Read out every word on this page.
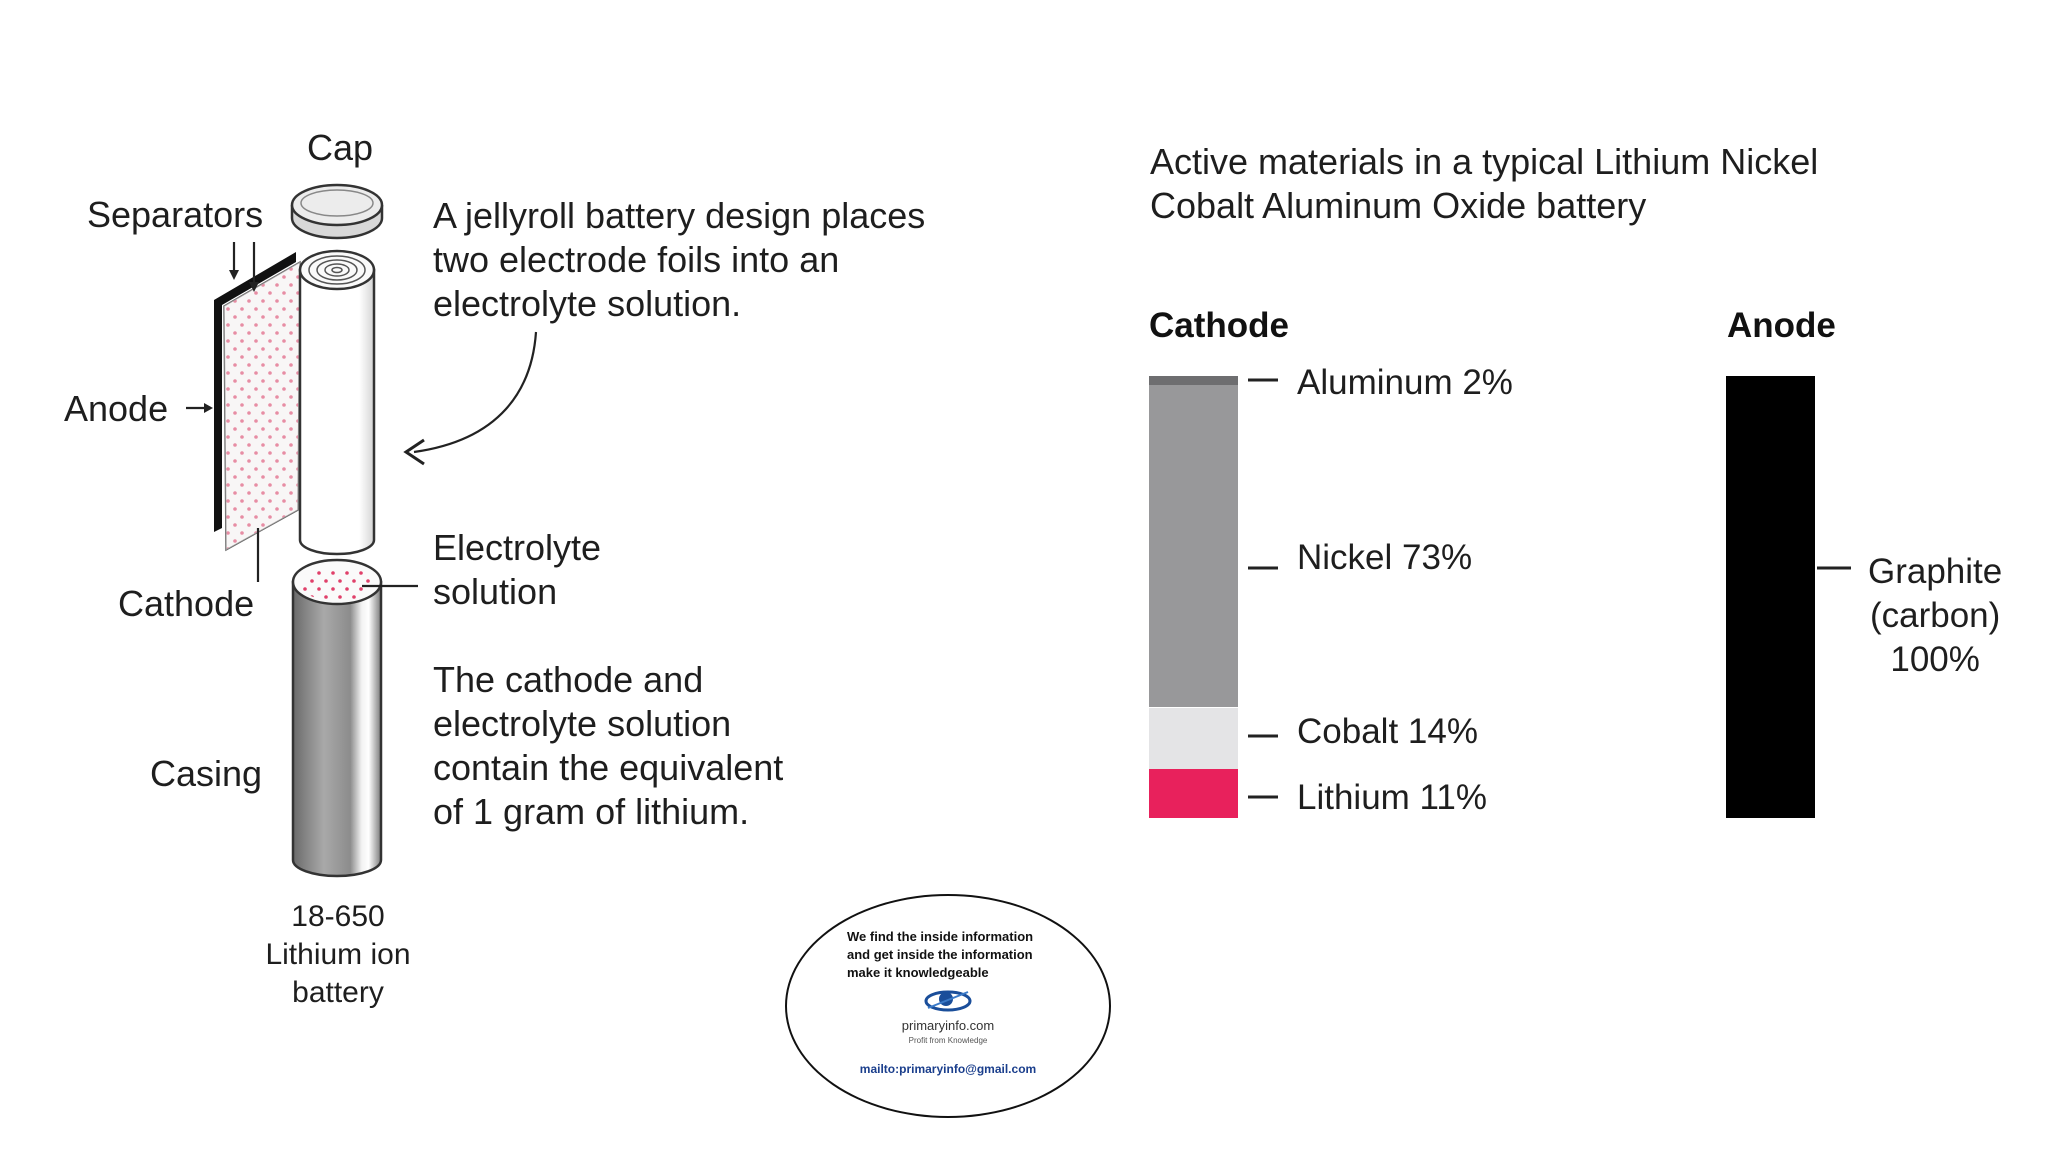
Cap
Separators
Anode
Cathode
Electrolyte
solution
Casing
A jellyroll battery design places
two electrode foils into an
electrolyte solution.
The cathode and
electrolyte solution
contain the equivalent
of 1 gram of lithium.
18-650
Lithium ion
battery
Active materials in a typical Lithium Nickel
Cobalt Aluminum Oxide battery
Cathode	Anode
Aluminum 2%
Nickel 73%
Cobalt 14%
Lithium 11%
Graphite
(carbon)
100%
We find the inside information
and get inside the information
make it knowledgeable
primaryinfo.com
Profit from Knowledge
mailto:primaryinfo@gmail.com
